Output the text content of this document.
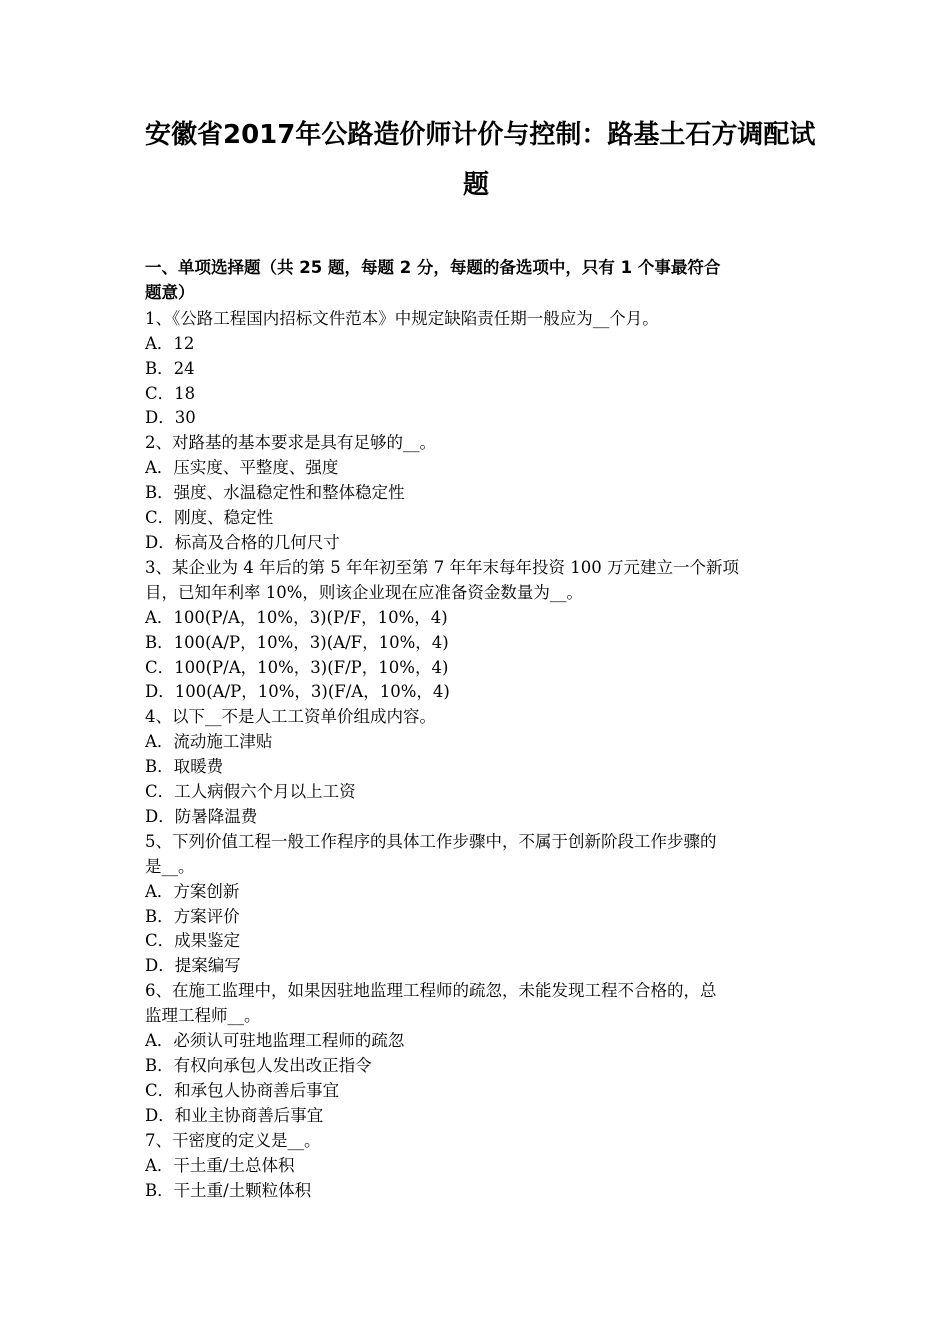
安徽省2017年公路造价师计价与控制：路基土石方调配试
题
一、单项选择题（共 25 题，每题 2 分，每题的备选项中，只有 1 个事最符合
题意）
1、《公路工程国内招标文件范本》中规定缺陷责任期一般应为__个月。
A．12
B．24
C．18
D．30
2、对路基的基本要求是具有足够的__。
A．压实度、平整度、强度
B．强度、水温稳定性和整体稳定性
C．刚度、稳定性
D．标高及合格的几何尺寸
3、某企业为 4 年后的第 5 年年初至第 7 年年末每年投资 100 万元建立一个新项
目，已知年利率 10%，则该企业现在应准备资金数量为__。
A．100(P/A，10%，3)(P/F，10%，4)
B．100(A/P，10%，3)(A/F，10%，4)
C．100(P/A，10%，3)(F/P，10%，4)
D．100(A/P，10%，3)(F/A，10%，4)
4、以下__不是人工工资单价组成内容。
A．流动施工津贴
B．取暖费
C．工人病假六个月以上工资
D．防暑降温费
5、下列价值工程一般工作程序的具体工作步骤中，不属于创新阶段工作步骤的
是__。
A．方案创新
B．方案评价
C．成果鉴定
D．提案编写
6、在施工监理中，如果因驻地监理工程师的疏忽，未能发现工程不合格的，总
监理工程师__。
A．必须认可驻地监理工程师的疏忽
B．有权向承包人发出改正指令
C．和承包人协商善后事宜
D．和业主协商善后事宜
7、干密度的定义是__。
A．干土重/土总体积
B．干土重/土颗粒体积
